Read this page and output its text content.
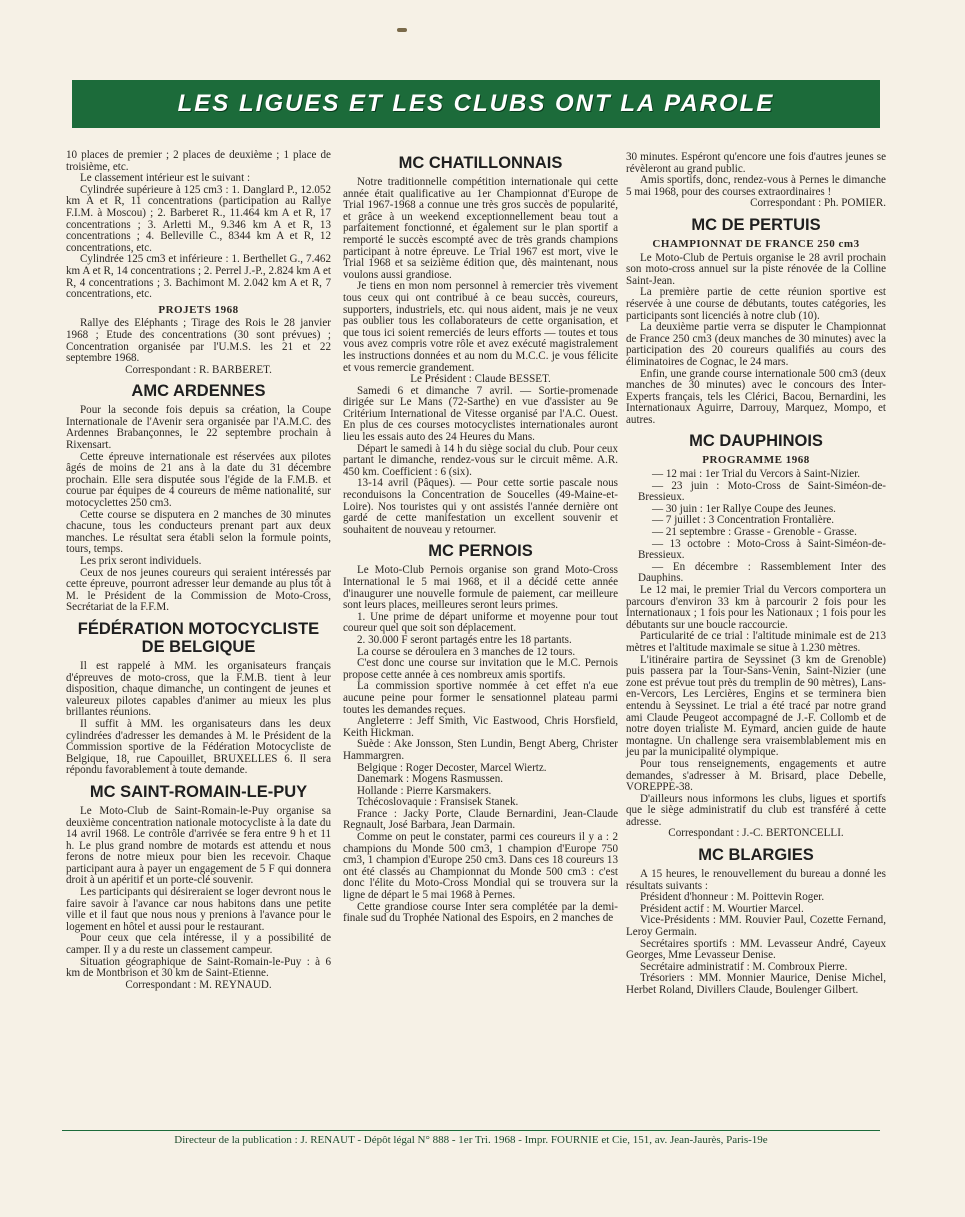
LES LIGUES ET LES CLUBS ONT LA PAROLE

10 places de premier ; 2 places de deuxième ; 1 place de troisième, etc.

Le classement intérieur est le suivant :

Cylindrée supérieure à 125 cm3 : 1. Danglard P., 12.052 km A et R, 11 concentrations (participation au Rallye F.I.M. à Moscou) ; 2. Barberet R., 11.464 km A et R, 17 concentrations ; 3. Arletti M., 9.346 km A et R, 13 concentrations ; 4. Belleville C., 8344 km A et R, 12 concentrations, etc.

Cylindrée 125 cm3 et inférieure : 1. Berthellet G., 7.462 km A et R, 14 concentrations ; 2. Perrel J.-P., 2.824 km A et R, 4 concentrations ; 3. Bachimont M. 2.042 km A et R, 7 concentrations, etc.

PROJETS 1968

Rallye des Eléphants ; Tirage des Rois le 28 janvier 1968 ; Etude des concentrations (30 sont prévues) ; Concentration organisée par l'U.M.S. les 21 et 22 septembre 1968.

Correspondant : R. BARBERET.

AMC ARDENNES

Pour la seconde fois depuis sa création, la Coupe Internationale de l'Avenir sera organisée par l'A.M.C. des Ardennes Brabançonnes, le 22 septembre prochain à Rixensart.

Cette épreuve internationale est réservées aux pilotes âgés de moins de 21 ans à la date du 31 décembre prochain. Elle sera disputée sous l'égide de la F.M.B. et courue par équipes de 4 coureurs de même nationalité, sur motocyclettes 250 cm3.

Cette course se disputera en 2 manches de 30 minutes chacune, tous les conducteurs prenant part aux deux manches. Le résultat sera établi selon la formule points, tours, temps.

Les prix seront individuels.

Ceux de nos jeunes coureurs qui seraient intéressés par cette épreuve, pourront adresser leur demande au plus tôt à M. le Président de la Commission de Moto-Cross, Secrétariat de la F.F.M.

FÉDÉRATION MOTOCYCLISTE DE BELGIQUE

Il est rappelé à MM. les organisateurs français d'épreuves de moto-cross, que la F.M.B. tient à leur disposition, chaque dimanche, un contingent de jeunes et valeureux pilotes capables d'animer au mieux les plus brillantes réunions.

Il suffit à MM. les organisateurs dans les deux cylindrées d'adresser les demandes à M. le Président de la Commission sportive de la Fédération Motocycliste de Belgique, 18, rue Capouillet, BRUXELLES 6. Il sera répondu favorablement à toute demande.

MC SAINT-ROMAIN-LE-PUY

Le Moto-Club de Saint-Romain-le-Puy organise sa deuxième concentration nationale motocycliste à la date du 14 avril 1968. Le contrôle d'arrivée se fera entre 9 h et 11 h. Le plus grand nombre de motards est attendu et nous ferons de notre mieux pour bien les recevoir. Chaque participant aura à payer un engagement de 5 F qui donnera droit à un apéritif et un porte-clé souvenir.

Les participants qui désireraient se loger devront nous le faire savoir à l'avance car nous habitons dans une petite ville et il faut que nous nous y prenions à l'avance pour le logement en hôtel et aussi pour le restaurant.

Pour ceux que cela intéresse, il y a possibilité de camper. Il y a du reste un classement campeur.

Situation géographique de Saint-Romain-le-Puy : à 6 km de Montbrison et 30 km de Saint-Etienne.

Correspondant : M. REYNAUD.

MC CHATILLONNAIS

Notre traditionnelle compétition internationale qui cette année était qualificative au 1er Championnat d'Europe de Trial 1967-1968 a connue une très gros succès de popularité, et grâce à un weekend exceptionnellement beau tout a parfaitement fonctionné, et également sur le plan sportif a remporté le succès escompté avec de très grands champions participant à notre épreuve. Le Trial 1967 est mort, vive le Trial 1968 et sa seizième édition que, dès maintenant, nous voulons aussi grandiose.

Je tiens en mon nom personnel à remercier très vivement tous ceux qui ont contribué à ce beau succès, coureurs, supporters, industriels, etc. qui nous aident, mais je ne veux pas oublier tous les collaborateurs de cette organisation, et que tous ici soient remerciés de leurs efforts — toutes et tous vous avez compris votre rôle et avez exécuté magistralement les instructions données et au nom du M.C.C. je vous félicite et vous remercie grandement.

Le Président : Claude BESSET.

Samedi 6 et dimanche 7 avril. — Sortie-promenade dirigée sur Le Mans (72-Sarthe) en vue d'assister au 9e Critérium International de Vitesse organisé par l'A.C. Ouest. En plus de ces courses motocyclistes internationales auront lieu les essais auto des 24 Heures du Mans.

Départ le samedi à 14 h du siège social du club. Pour ceux partant le dimanche, rendez-vous sur le circuit même. A.R. 450 km. Coefficient : 6 (six).

13-14 avril (Pâques). — Pour cette sortie pascale nous reconduisons la Concentration de Soucelles (49-Maine-et-Loire). Nos touristes qui y ont assistés l'année dernière ont gardé de cette manifestation un excellent souvenir et souhaitent de nouveau y retourner.

MC PERNOIS

Le Moto-Club Pernois organise son grand Moto-Cross International le 5 mai 1968, et il a décidé cette année d'inaugurer une nouvelle formule de paiement, car meilleure sont leurs places, meilleures seront leurs primes.

1. Une prime de départ uniforme et moyenne pour tout coureur quel que soit son déplacement.

2. 30.000 F seront partagés entre les 18 partants.

La course se déroulera en 3 manches de 12 tours.

C'est donc une course sur invitation que le M.C. Pernois propose cette année à ces nombreux amis sportifs.

La commission sportive nommée à cet effet n'a eue aucune peine pour former le sensationnel plateau parmi toutes les demandes reçues.

Angleterre : Jeff Smith, Vic Eastwood, Chris Horsfield, Keith Hickman.

Suède : Ake Jonsson, Sten Lundin, Bengt Aberg, Christer Hammargren.

Belgique : Roger Decoster, Marcel Wiertz.

Danemark : Mogens Rasmussen.

Hollande : Pierre Karsmakers.

Tchécoslovaquie : Fransisek Stanek.

France : Jacky Porte, Claude Bernardini, Jean-Claude Regnault, José Barbara, Jean Darmain.

Comme on peut le constater, parmi ces coureurs il y a : 2 champions du Monde 500 cm3, 1 champion d'Europe 750 cm3, 1 champion d'Europe 250 cm3. Dans ces 18 coureurs 13 ont été classés au Championnat du Monde 500 cm3 : c'est donc l'élite du Moto-Cross Mondial qui se trouvera sur la ligne de départ le 5 mai 1968 à Pernes.

Cette grandiose course Inter sera complétée par la demi-finale sud du Trophée National des Espoirs, en 2 manches de

30 minutes. Espéront qu'encore une fois d'autres jeunes se révèleront au grand public.

Amis sportifs, donc, rendez-vous à Pernes le dimanche 5 mai 1968, pour des courses extraordinaires !

Correspondant : Ph. POMIER.

MC DE PERTUIS
CHAMPIONNAT DE FRANCE 250 cm3

Le Moto-Club de Pertuis organise le 28 avril prochain son moto-cross annuel sur la piste rénovée de la Colline Saint-Jean.

La première partie de cette réunion sportive est réservée à une course de débutants, toutes catégories, les participants sont licenciés à notre club (10).

La deuxième partie verra se disputer le Championnat de France 250 cm3 (deux manches de 30 minutes) avec la participation des 20 coureurs qualifiés au cours des éliminatoires de Cognac, le 24 mars.

Enfin, une grande course internationale 500 cm3 (deux manches de 30 minutes) avec le concours des Inter-Experts français, tels les Clérici, Bacou, Bernardini, les Internationaux Aguirre, Darrouy, Marquez, Mompo, et autres.

MC DAUPHINOIS
PROGRAMME 1968

— 12 mai : 1er Trial du Vercors à Saint-Nizier.

— 23 juin : Moto-Cross de Saint-Siméon-de-Bressieux.

— 30 juin : 1er Rallye Coupe des Jeunes.

— 7 juillet : 3 Concentration Frontalière.

— 21 septembre : Grasse - Grenoble - Grasse.

— 13 octobre : Moto-Cross à Saint-Siméon-de-Bressieux.

— En décembre : Rassemblement Inter des Dauphins.

Le 12 mai, le premier Trial du Vercors comportera un parcours d'environ 33 km à parcourir 2 fois pour les Internationaux ; 1 fois pour les Nationaux ; 1 fois pour les débutants sur une boucle raccourcie.

Particularité de ce trial : l'altitude minimale est de 213 mètres et l'altitude maximale se situe à 1.230 mètres.

L'itinéraire partira de Seyssinet (3 km de Grenoble) puis passera par la Tour-Sans-Venin, Saint-Nizier (une zone est prévue tout près du tremplin de 90 mètres), Lans-en-Vercors, Les Lercières, Engins et se terminera bien entendu à Seyssinet. Le trial a été tracé par notre grand ami Claude Peugeot accompagné de J.-F. Collomb et de notre doyen trialiste M. Eymard, ancien guide de haute montagne. Un challenge sera vraisemblablement mis en jeu par la municipalité olympique.

Pour tous renseignements, engagements et autre demandes, s'adresser à M. Brisard, place Debelle, VOREPPE-38.

D'ailleurs nous informons les clubs, ligues et sportifs que le siège administratif du club est transféré à cette adresse.

Correspondant : J.-C. BERTONCELLI.

MC BLARGIES

A 15 heures, le renouvellement du bureau a donné les résultats suivants :

Président d'honneur : M. Poittevin Roger.

Président actif : M. Wourtier Marcel.

Vice-Présidents : MM. Rouvier Paul, Cozette Fernand, Leroy Germain.

Secrétaires sportifs : MM. Levasseur André, Cayeux Georges, Mme Levasseur Denise.

Secrétaire administratif : M. Combroux Pierre.

Trésoriers : MM. Monnier Maurice, Denise Michel, Herbet Roland, Divillers Claude, Boulenger Gilbert.

Directeur de la publication : J. RENAUT - Dépôt légal N° 888 - 1er Tri. 1968 - Impr. FOURNIE et Cie, 151, av. Jean-Jaurès, Paris-19e
